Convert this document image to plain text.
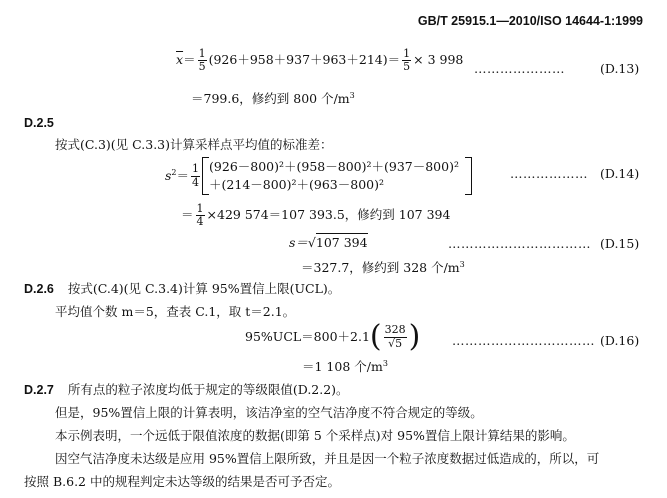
GB/T 25915.1—2010/ISO 14644-1:1999
$\overline{x} = \frac{1}{5} (926+958+937+963+214)= \frac{1}{5} \times 3$ 998
…………………	(D.13)
＝799.6，修约到 800 个$/m^3$
D.2.5
按式(C.3)(见 C.3.3)计算采样点平均值的标准差：
$s^2 = \frac{1}{4} (926-800)^2+(958-800)^2+(937-800)^2$
＋(214－800)²＋(963－800)²
……………… (D.14)
＝ $\frac{1}{4} \times 429$ 574＝107 393.5，修约到 107 394
s＝√107 394	…………………………… (D.15)
＝327.7，修约到 328 个$/m^3$
D.2.6 按式(C.4)(见 C.3.4)计算 95%置信上限(UCL)。
平均值个数 m＝5，查表 C.1，取 t＝2.1。
95%UCL＝800＋2.1 ( $\frac{328}{√5}$ )	…………………………… (D.16)
＝1 108 个$/m^3$
D.2.7 所有点的粒子浓度均低于规定的等级限值(D.2.2)。
但是，95%置信上限的计算表明，该洁净室的空气洁净度不符合规定的等级。
本示例表明，一个远低于限值浓度的数据(即第 5 个采样点)对 95%置信上限计算结果的影响。
因空气洁净度未达级是应用 95%置信上限所致，并且是因一个粒子浓度数据过低造成的，所以，可
按照 B.6.2 中的规程判定未达等级的结果是否可予否定。
